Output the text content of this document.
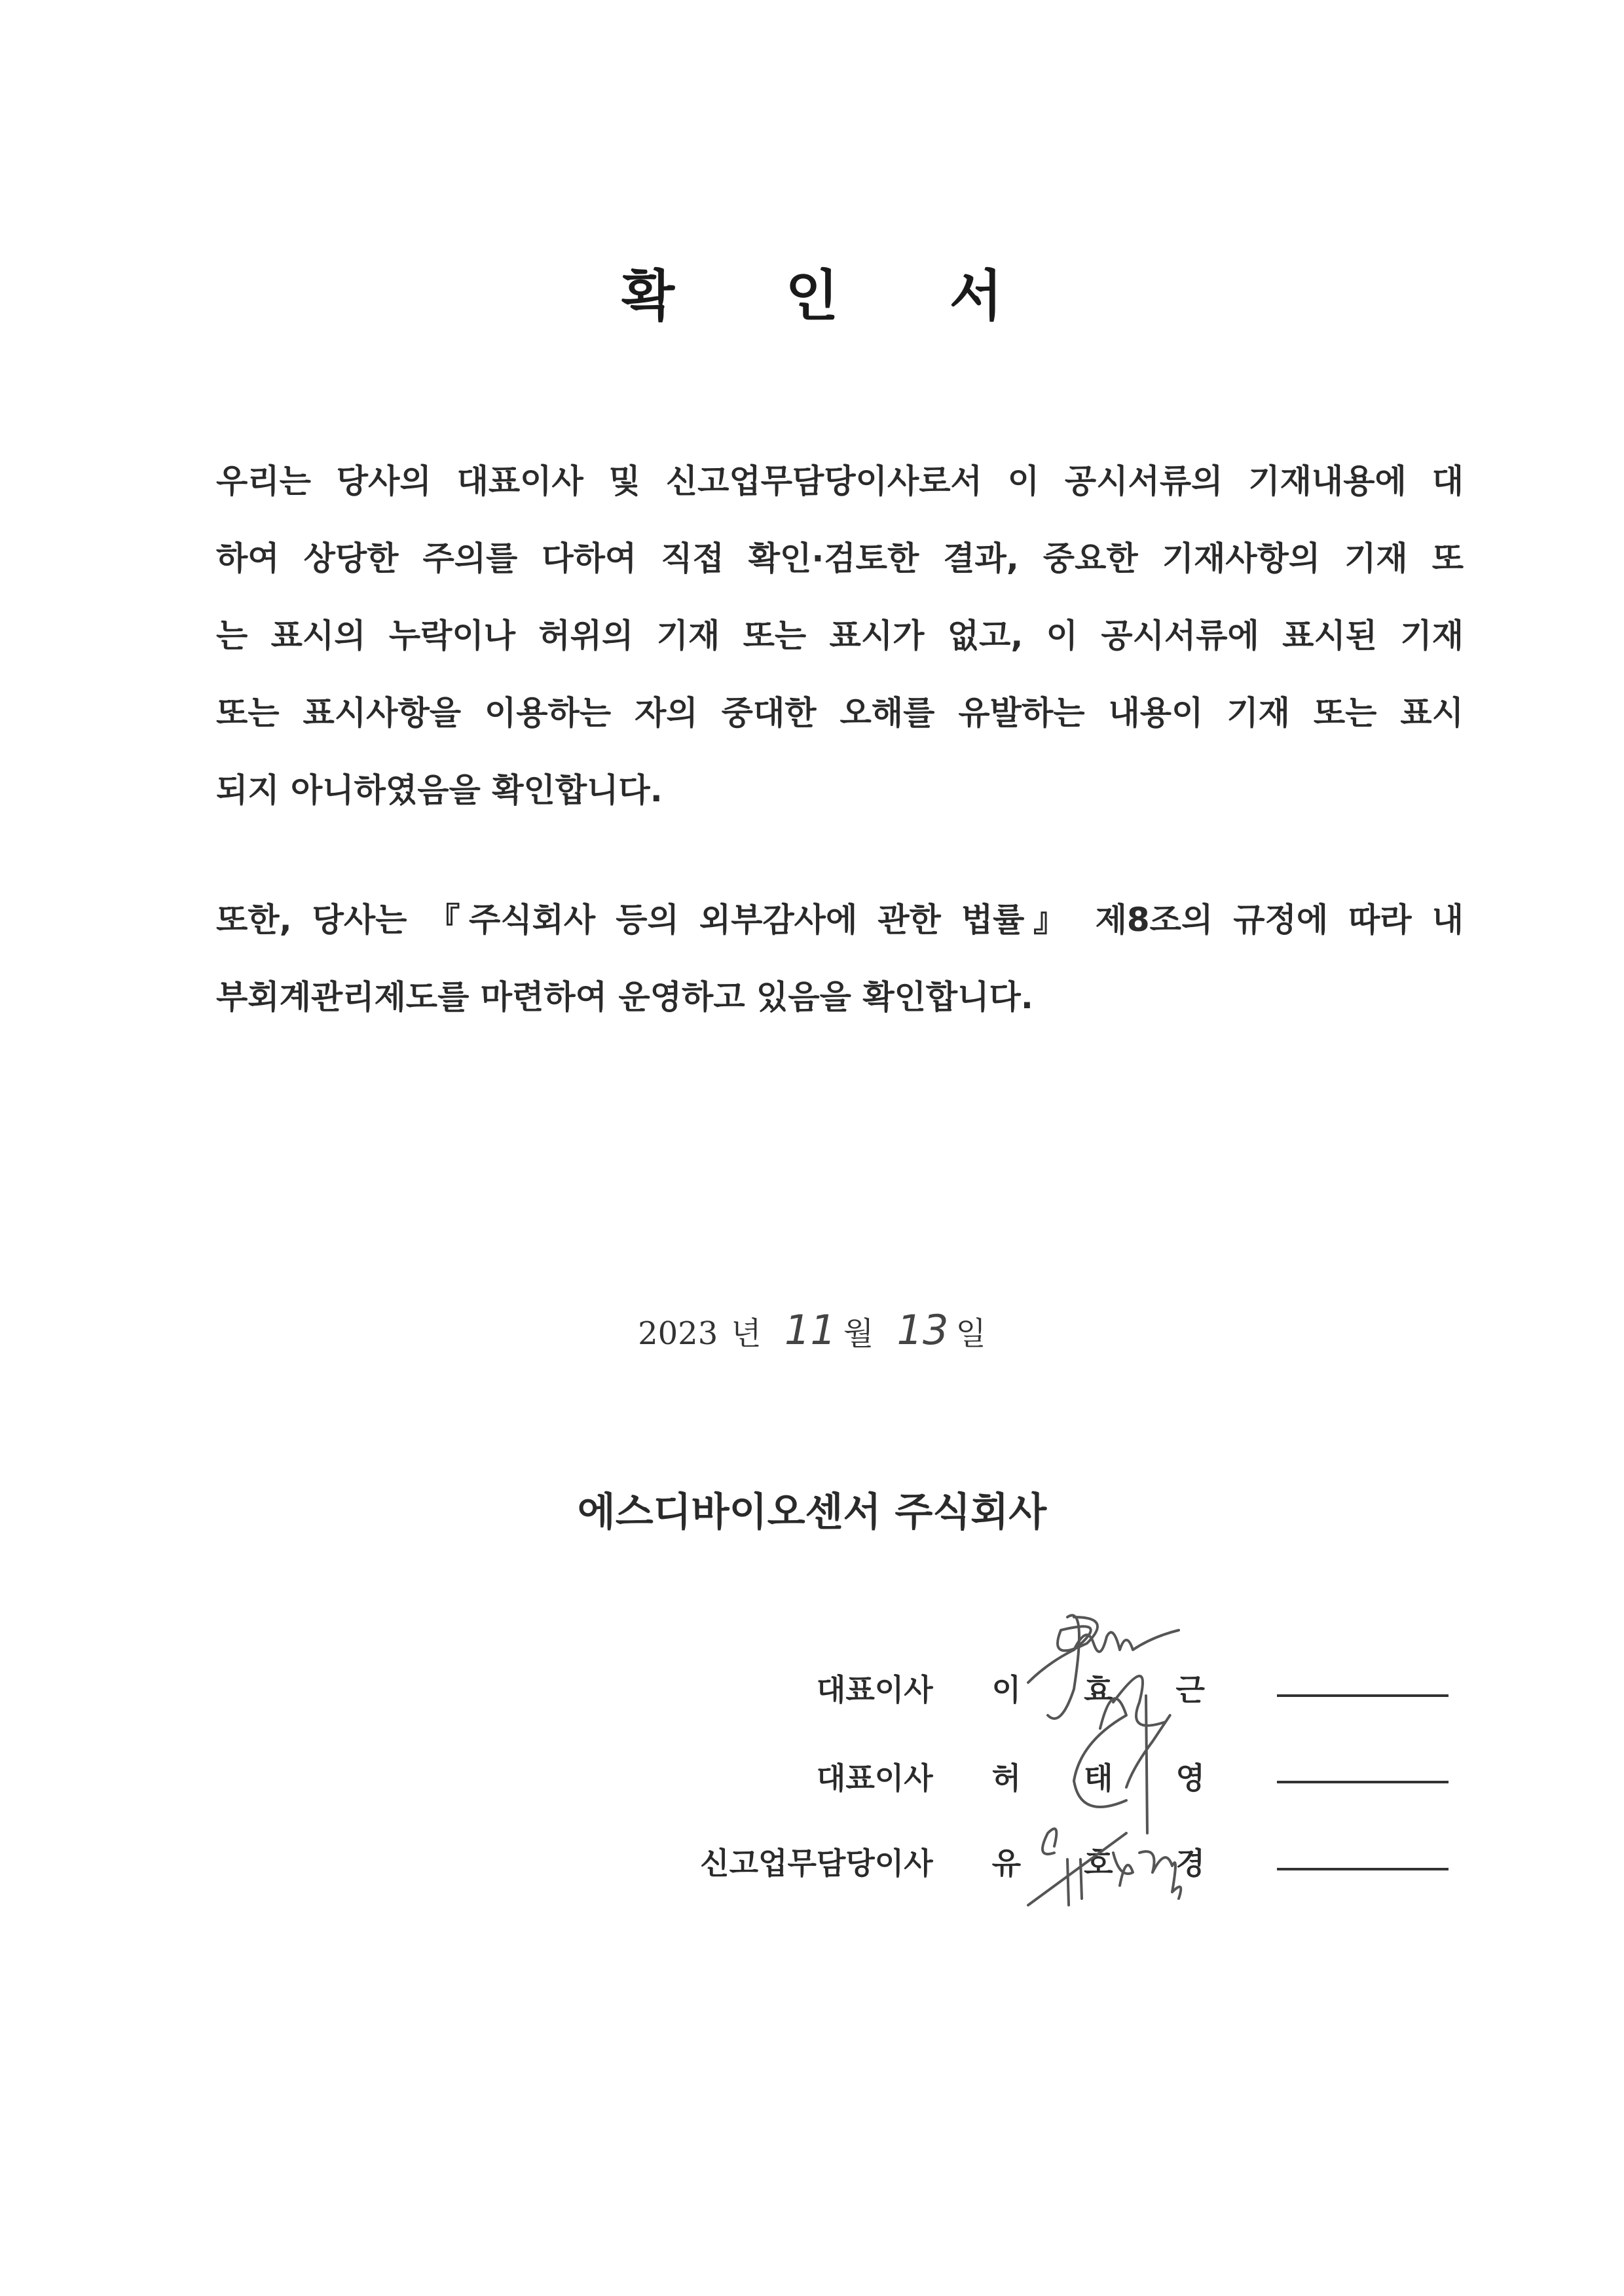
확 인 서
우리는 당사의 대표이사 및 신고업무담당이사로서 이 공시서류의 기재내용에 대
하여 상당한 주의를 다하여 직접 확인·검토한 결과, 중요한 기재사항의 기재 또
는 표시의 누락이나 허위의 기재 또는 표시가 없고, 이 공시서류에 표시된 기재
또는 표시사항을 이용하는 자의 중대한 오해를 유발하는 내용이 기재 또는 표시
되지 아니하였음을 확인합니다.
또한, 당사는 『주식회사 등의 외부감사에 관한 법률』 제8조의 규정에 따라 내
부회계관리제도를 마련하여 운영하고 있음을 확인합니다.
2023 년 11 월 13 일
에스디바이오센서 주식회사
대표이사 이 효 근
대표이사 허 태 영
신고업무담당이사 유 호 경
